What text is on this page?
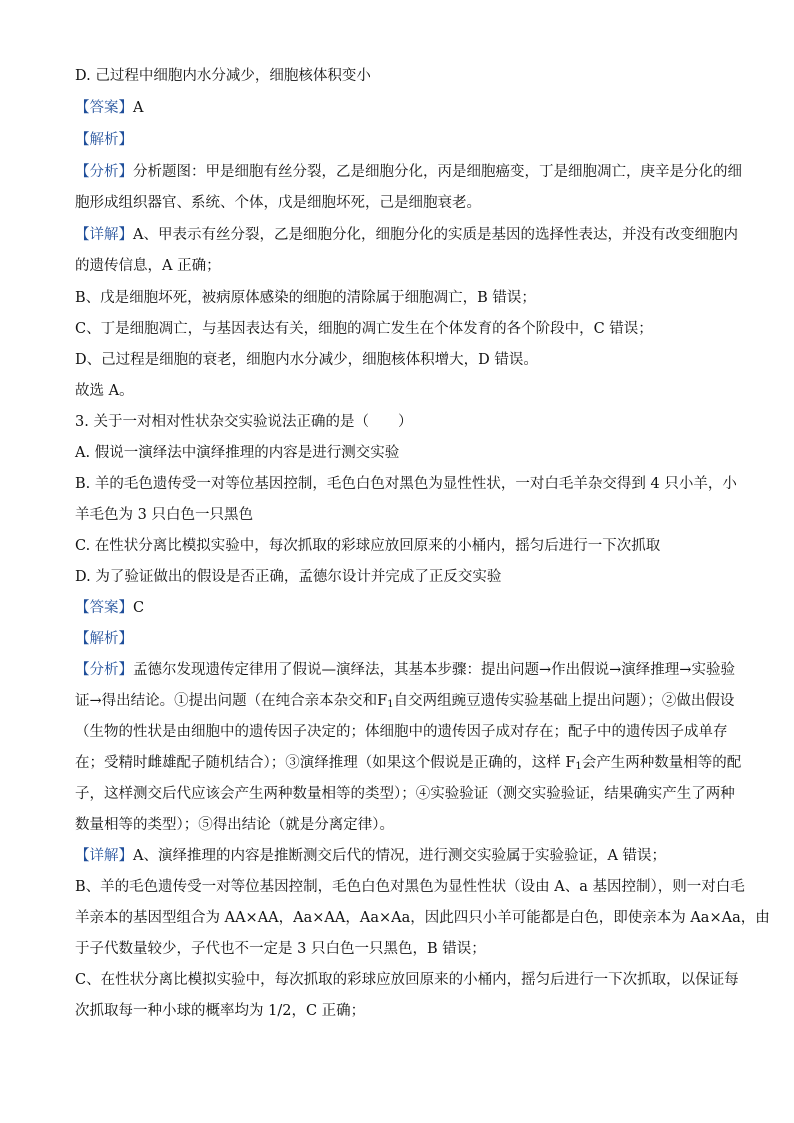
D. 己过程中细胞内水分减少，细胞核体积变小
【答案】A
【解析】
【分析】分析题图：甲是细胞有丝分裂，乙是细胞分化，丙是细胞癌变，丁是细胞凋亡，庚辛是分化的细
胞形成组织器官、系统、个体，戊是细胞坏死，己是细胞衰老。
【详解】A、甲表示有丝分裂，乙是细胞分化，细胞分化的实质是基因的选择性表达，并没有改变细胞内
的遗传信息，A 正确；
B、戊是细胞坏死，被病原体感染的细胞的清除属于细胞凋亡，B 错误；
C、丁是细胞凋亡，与基因表达有关，细胞的凋亡发生在个体发育的各个阶段中，C 错误；
D、己过程是细胞的衰老，细胞内水分减少，细胞核体积增大，D 错误。
故选 A。
3. 关于一对相对性状杂交实验说法正确的是（　　）
A. 假说一演绎法中演绎推理的内容是进行测交实验
B. 羊的毛色遗传受一对等位基因控制，毛色白色对黑色为显性性状，一对白毛羊杂交得到 4 只小羊，小
羊毛色为 3 只白色一只黑色
C. 在性状分离比模拟实验中，每次抓取的彩球应放回原来的小桶内，摇匀后进行一下次抓取
D. 为了验证做出的假设是否正确，孟德尔设计并完成了正反交实验
【答案】C
【解析】
【分析】孟德尔发现遗传定律用了假说—演绎法，其基本步骤：提出问题→作出假说→演绎推理→实验验
证→得出结论。①提出问题（在纯合亲本杂交和$F_1$自交两组豌豆遗传实验基础上提出问题）；②做出假设
（生物的性状是由细胞中的遗传因子决定的；体细胞中的遗传因子成对存在；配子中的遗传因子成单存
在；受精时雌雄配子随机结合）；③演绎推理（如果这个假说是正确的，这样 $F_1$会产生两种数量相等的配
子，这样测交后代应该会产生两种数量相等的类型）；④实验验证（测交实验验证，结果确实产生了两种
数量相等的类型）；⑤得出结论（就是分离定律）。
【详解】A、演绎推理的内容是推断测交后代的情况，进行测交实验属于实验验证，A 错误；
B、羊的毛色遗传受一对等位基因控制，毛色白色对黑色为显性性状（设由 A、a 基因控制），则一对白毛
羊亲本的基因型组合为 AA×AA，Aa×AA，Aa×Aa，因此四只小羊可能都是白色，即使亲本为 Aa×Aa，由
于子代数量较少，子代也不一定是 3 只白色一只黑色，B 错误；
C、在性状分离比模拟实验中，每次抓取的彩球应放回原来的小桶内，摇匀后进行一下次抓取，以保证每
次抓取每一种小球的概率均为 1/2，C 正确；
